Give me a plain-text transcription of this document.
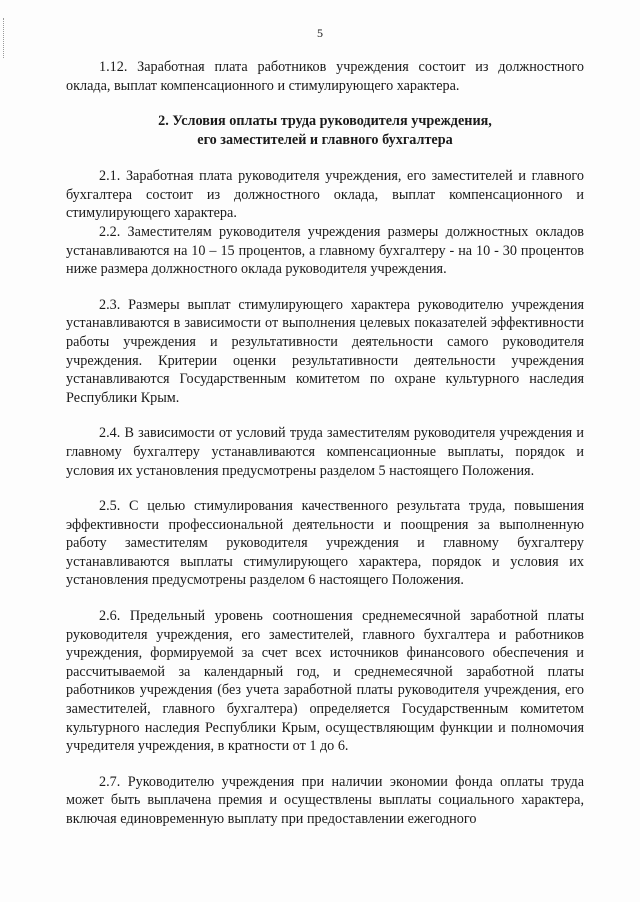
5

1.12. Заработная плата работников учреждения состоит из должностного оклада, выплат компенсационного и стимулирующего характера.

2. Условия оплаты труда руководителя учреждения,
его заместителей и главного бухгалтера

2.1. Заработная плата руководителя учреждения, его заместителей и главного бухгалтера состоит из должностного оклада, выплат компенсационного и стимулирующего характера.

2.2. Заместителям руководителя учреждения размеры должностных окладов устанавливаются на 10 – 15 процентов, а главному бухгалтеру - на 10 - 30 процентов ниже размера должностного оклада руководителя учреждения.

2.3. Размеры выплат стимулирующего характера руководителю учреждения устанавливаются в зависимости от выполнения целевых показателей эффективности работы учреждения и результативности деятельности самого руководителя учреждения. Критерии оценки результативности деятельности учреждения устанавливаются Государственным комитетом по охране культурного наследия Республики Крым.

2.4. В зависимости от условий труда заместителям руководителя учреждения и главному бухгалтеру устанавливаются компенсационные выплаты, порядок и условия их установления предусмотрены разделом 5 настоящего Положения.

2.5. С целью стимулирования качественного результата труда, повышения эффективности профессиональной деятельности и поощрения за выполненную работу заместителям руководителя учреждения и главному бухгалтеру устанавливаются выплаты стимулирующего характера, порядок и условия их установления предусмотрены разделом 6 настоящего Положения.

2.6. Предельный уровень соотношения среднемесячной заработной платы руководителя учреждения, его заместителей, главного бухгалтера и работников учреждения, формируемой за счет всех источников финансового обеспечения и рассчитываемой за календарный год, и среднемесячной заработной платы работников учреждения (без учета заработной платы руководителя учреждения, его заместителей, главного бухгалтера) определяется Государственным комитетом культурного наследия Республики Крым, осуществляющим функции и полномочия учредителя учреждения, в кратности от 1 до 6.

2.7. Руководителю учреждения при наличии экономии фонда оплаты труда может быть выплачена премия и осуществлены выплаты социального характера, включая единовременную выплату при предоставлении ежегодного
